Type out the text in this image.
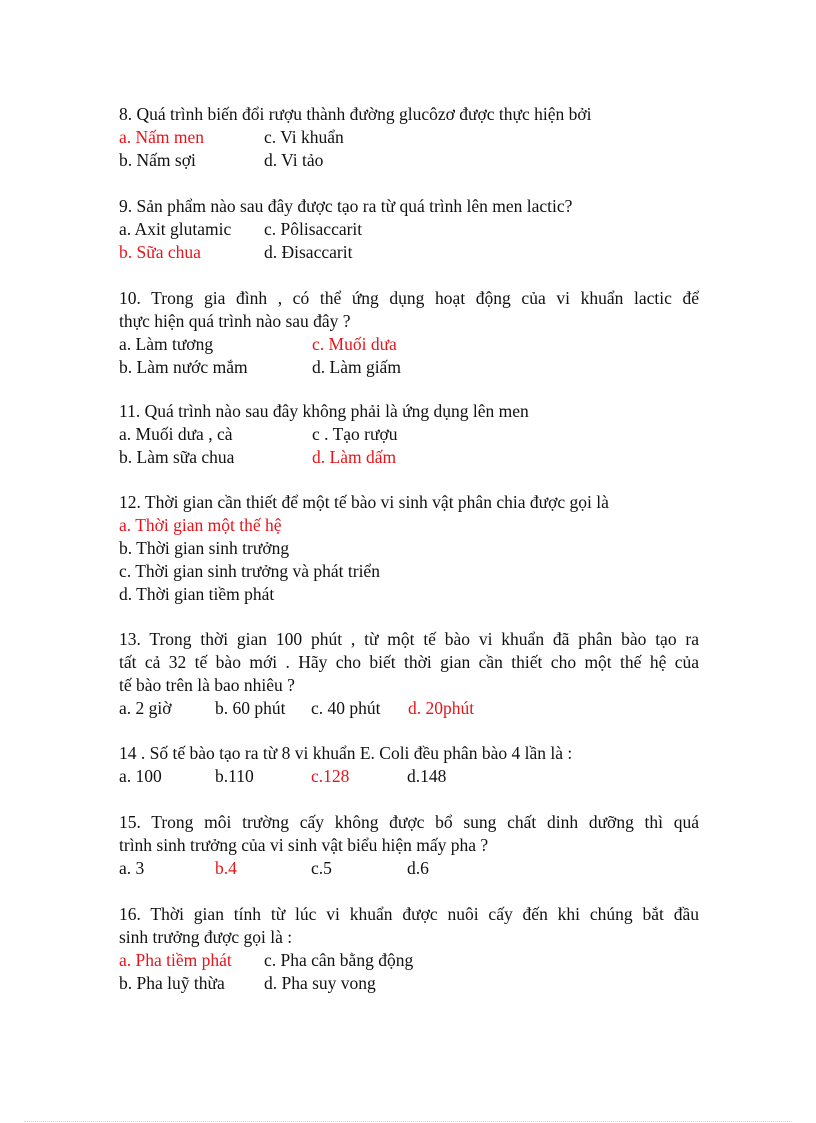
8. Quá trình biến đổi rượu thành đường glucôzơ được thực hiện bởi
a. Nấm men	c. Vi khuẩn
b. Nấm sợi	d. Vi tảo
9. Sản phẩm nào sau đây được tạo ra từ quá trình lên men lactic?
a. Axit glutamic c. Pôlisaccarit
b. Sữa chua	d. Đisaccarit
10. Trong gia đình , có thể ứng dụng hoạt động của vi khuẩn lactic để
thực hiện quá trình nào sau đây ?
a. Làm tương	c. Muối dưa
b. Làm nước mắm	d. Làm giấm
11. Quá trình nào sau đây không phải là ứng dụng lên men
a. Muối dưa , cà	c . Tạo rượu
b. Làm sữa chua	d. Làm dấm
12. Thời gian cần thiết để một tế bào vi sinh vật phân chia được gọi là
a. Thời gian một thế hệ
b. Thời gian sinh trưởng
c. Thời gian sinh trưởng và phát triển
d. Thời gian tiềm phát
13. Trong thời gian 100 phút , từ một tế bào vi khuẩn đã phân bào tạo ra
tất cả 32 tế bào mới . Hãy cho biết thời gian cần thiết cho một thế hệ của
tế bào trên là bao nhiêu ?
a. 2 giờ b. 60 phút c. 40 phút d. 20phút
14 . Số tế bào tạo ra từ 8 vi khuẩn E. Coli đều phân bào 4 lần là :
a. 100	b.110	c.128	d.148
15. Trong môi trường cấy không được bổ sung chất dinh dưỡng thì quá
trình sinh trưởng của vi sinh vật biểu hiện mấy pha ?
a. 3	b.4	c.5	d.6
16. Thời gian tính từ lúc vi khuẩn được nuôi cấy đến khi chúng bắt đầu
sinh trưởng được gọi là :
a. Pha tiềm phát c. Pha cân bằng động
b. Pha luỹ thừa d. Pha suy vong
